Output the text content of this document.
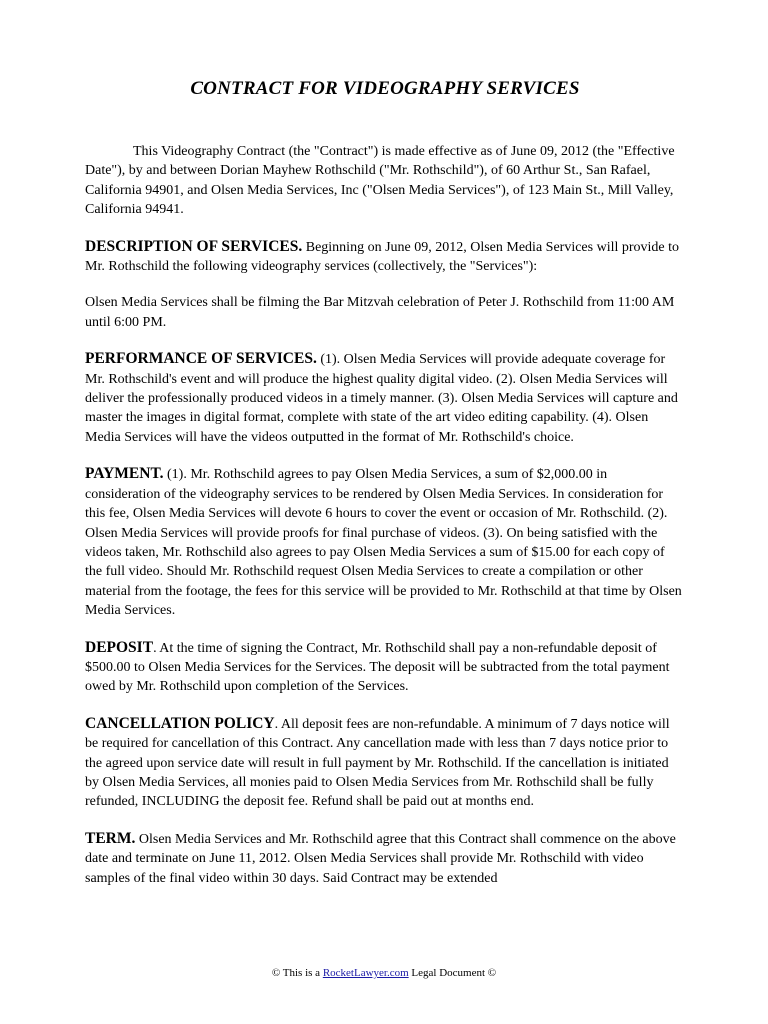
CONTRACT FOR VIDEOGRAPHY SERVICES

This Videography Contract (the "Contract") is made effective as of June 09, 2012 (the "Effective Date"), by and between Dorian Mayhew Rothschild ("Mr. Rothschild"), of 60 Arthur St., San Rafael, California 94901, and Olsen Media Services, Inc ("Olsen Media Services"), of 123 Main St., Mill Valley, California 94941.

DESCRIPTION OF SERVICES. Beginning on June 09, 2012, Olsen Media Services will provide to Mr. Rothschild the following videography services (collectively, the "Services"):

Olsen Media Services shall be filming the Bar Mitzvah celebration of Peter J. Rothschild from 11:00 AM until 6:00 PM.

PERFORMANCE OF SERVICES. (1). Olsen Media Services will provide adequate coverage for Mr. Rothschild's event and will produce the highest quality digital video. (2). Olsen Media Services will deliver the professionally produced videos in a timely manner. (3). Olsen Media Services will capture and master the images in digital format, complete with state of the art video editing capability. (4). Olsen Media Services will have the videos outputted in the format of Mr. Rothschild's choice.

PAYMENT. (1). Mr. Rothschild agrees to pay Olsen Media Services, a sum of $2,000.00 in consideration of the videography services to be rendered by Olsen Media Services. In consideration for this fee, Olsen Media Services will devote 6 hours to cover the event or occasion of Mr. Rothschild. (2). Olsen Media Services will provide proofs for final purchase of videos. (3). On being satisfied with the videos taken, Mr. Rothschild also agrees to pay Olsen Media Services a sum of $15.00 for each copy of the full video. Should Mr. Rothschild request Olsen Media Services to create a compilation or other material from the footage, the fees for this service will be provided to Mr. Rothschild at that time by Olsen Media Services.

DEPOSIT. At the time of signing the Contract, Mr. Rothschild shall pay a non-refundable deposit of $500.00 to Olsen Media Services for the Services. The deposit will be subtracted from the total payment owed by Mr. Rothschild upon completion of the Services.

CANCELLATION POLICY. All deposit fees are non-refundable. A minimum of 7 days notice will be required for cancellation of this Contract. Any cancellation made with less than 7 days notice prior to the agreed upon service date will result in full payment by Mr. Rothschild. If the cancellation is initiated by Olsen Media Services, all monies paid to Olsen Media Services from Mr. Rothschild shall be fully refunded, INCLUDING the deposit fee. Refund shall be paid out at months end.

TERM. Olsen Media Services and Mr. Rothschild agree that this Contract shall commence on the above date and terminate on June 11, 2012. Olsen Media Services shall provide Mr. Rothschild with video samples of the final video within 30 days. Said Contract may be extended

© This is a RocketLawyer.com Legal Document ©
